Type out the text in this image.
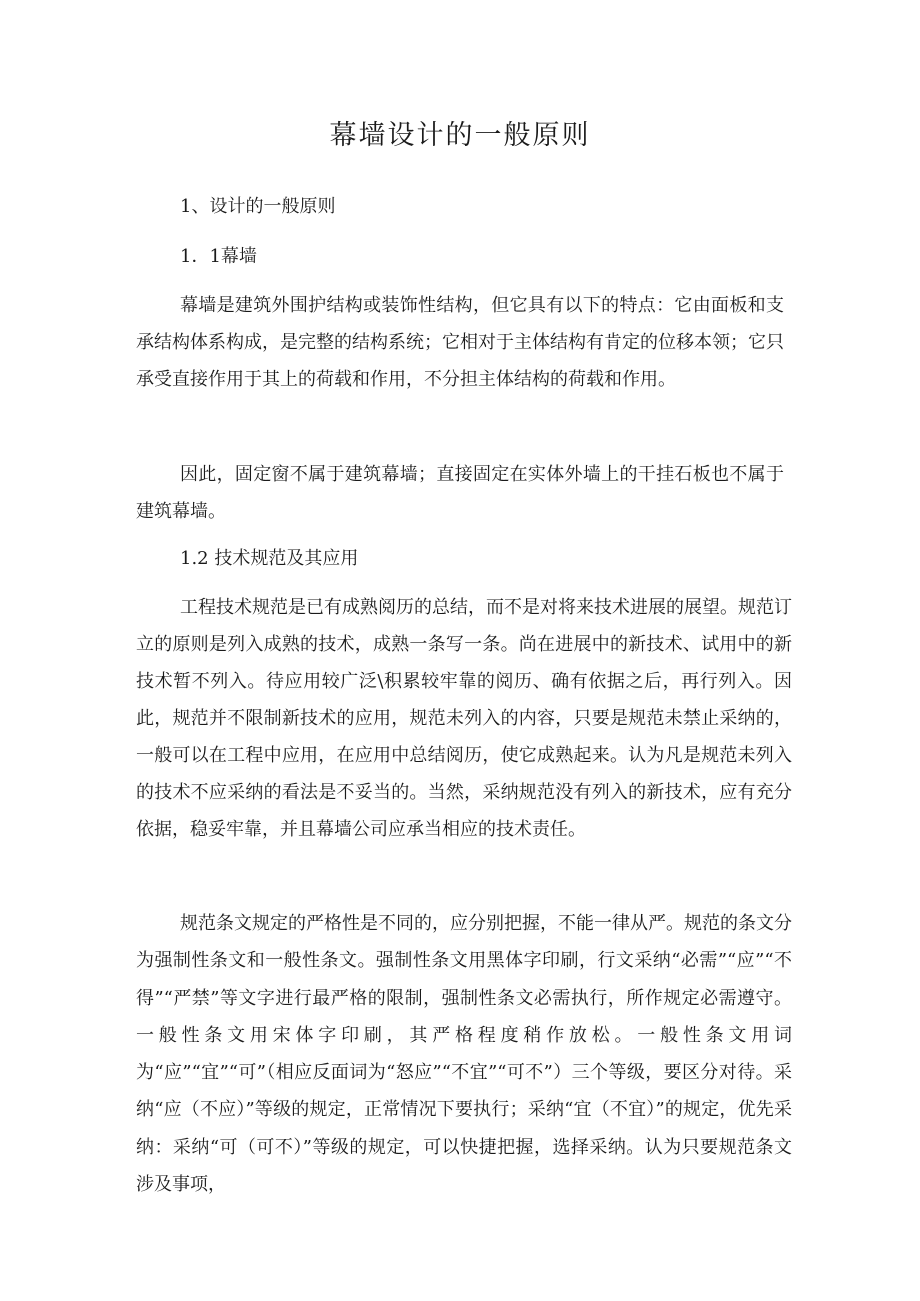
幕墙设计的一般原则
1、设计的一般原则
1．1幕墙
幕墙是建筑外围护结构或装饰性结构，但它具有以下的特点：它由面板和支承结构体系构成，是完整的结构系统；它相对于主体结构有肯定的位移本领；它只承受直接作用于其上的荷载和作用，不分担主体结构的荷载和作用。
因此，固定窗不属于建筑幕墙；直接固定在实体外墙上的干挂石板也不属于建筑幕墙。
1.2 技术规范及其应用
工程技术规范是已有成熟阅历的总结，而不是对将来技术进展的展望。规范订立的原则是列入成熟的技术，成熟一条写一条。尚在进展中的新技术、试用中的新技术暂不列入。待应用较广泛\积累较牢靠的阅历、确有依据之后，再行列入。因此，规范并不限制新技术的应用，规范未列入的内容，只要是规范未禁止采纳的，一般可以在工程中应用，在应用中总结阅历，使它成熟起来。认为凡是规范未列入的技术不应采纳的看法是不妥当的。当然，采纳规范没有列入的新技术，应有充分依据，稳妥牢靠，并且幕墙公司应承当相应的技术责任。
规范条文规定的严格性是不同的，应分别把握，不能一律从严。规范的条文分为强制性条文和一般性条文。强制性条文用黑体字印刷，行文采纳“必需”“应”“不得”“严禁”等文字进行最严格的限制，强制性条文必需执行，所作规定必需遵守。一般性条文用宋体字印刷，其严格程度稍作放松。一般性条文用词为“应”“宜”“可”（相应反面词为“怒应”“不宜”“可不”）三个等级，要区分对待。采纳“应（不应）”等级的规定，正常情况下要执行；采纳“宜（不宜）”的规定，优先采纳：采纳“可（可不）”等级的规定，可以快捷把握，选择采纳。认为只要规范条文涉及事项，
